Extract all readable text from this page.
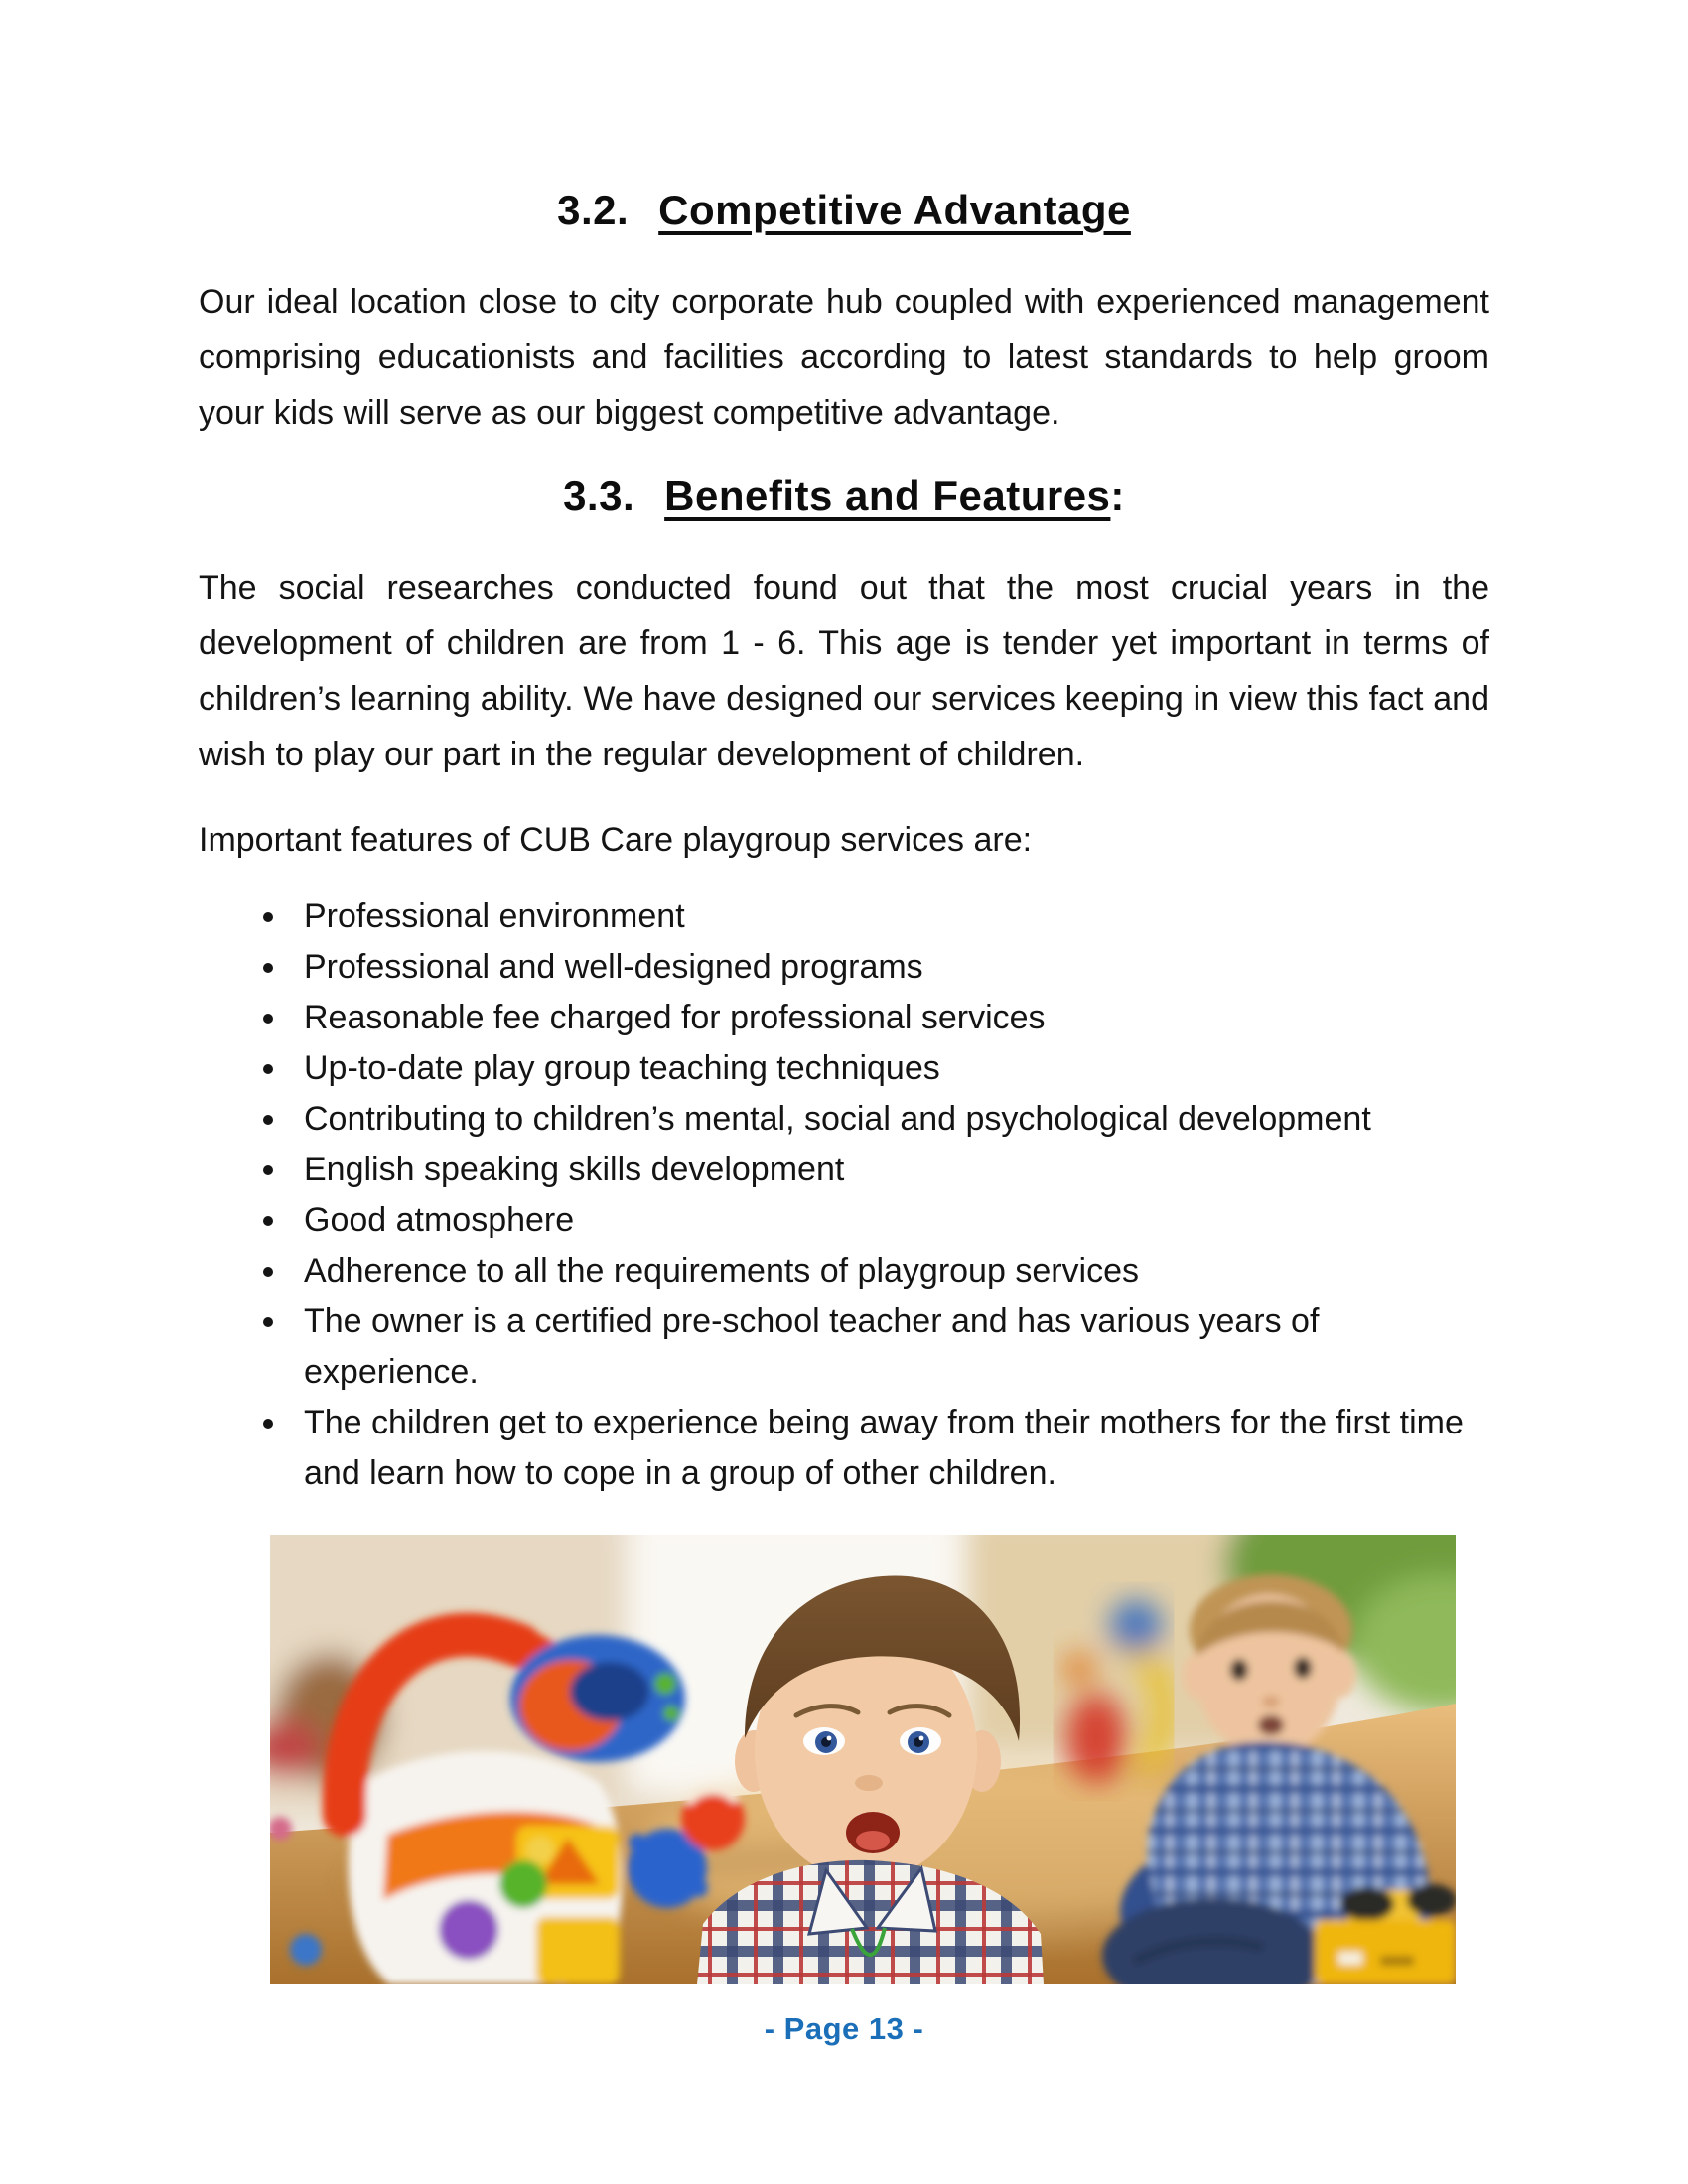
3.2. Competitive Advantage

Our ideal location close to city corporate hub coupled with experienced management comprising educationists and facilities according to latest standards to help groom your kids will serve as our biggest competitive advantage.

3.3. Benefits and Features:

The social researches conducted found out that the most crucial years in the development of children are from 1 - 6. This age is tender yet important in terms of children’s learning ability. We have designed our services keeping in view this fact and wish to play our part in the regular development of children.

Important features of CUB Care playgroup services are:

• Professional environment
• Professional and well-designed programs
• Reasonable fee charged for professional services
• Up-to-date play group teaching techniques
• Contributing to children’s mental, social and psychological development
• English speaking skills development
• Good atmosphere
• Adherence to all the requirements of playgroup services
• The owner is a certified pre-school teacher and has various years of experience.
• The children get to experience being away from their mothers for the first time and learn how to cope in a group of other children.
- Page 13 -
